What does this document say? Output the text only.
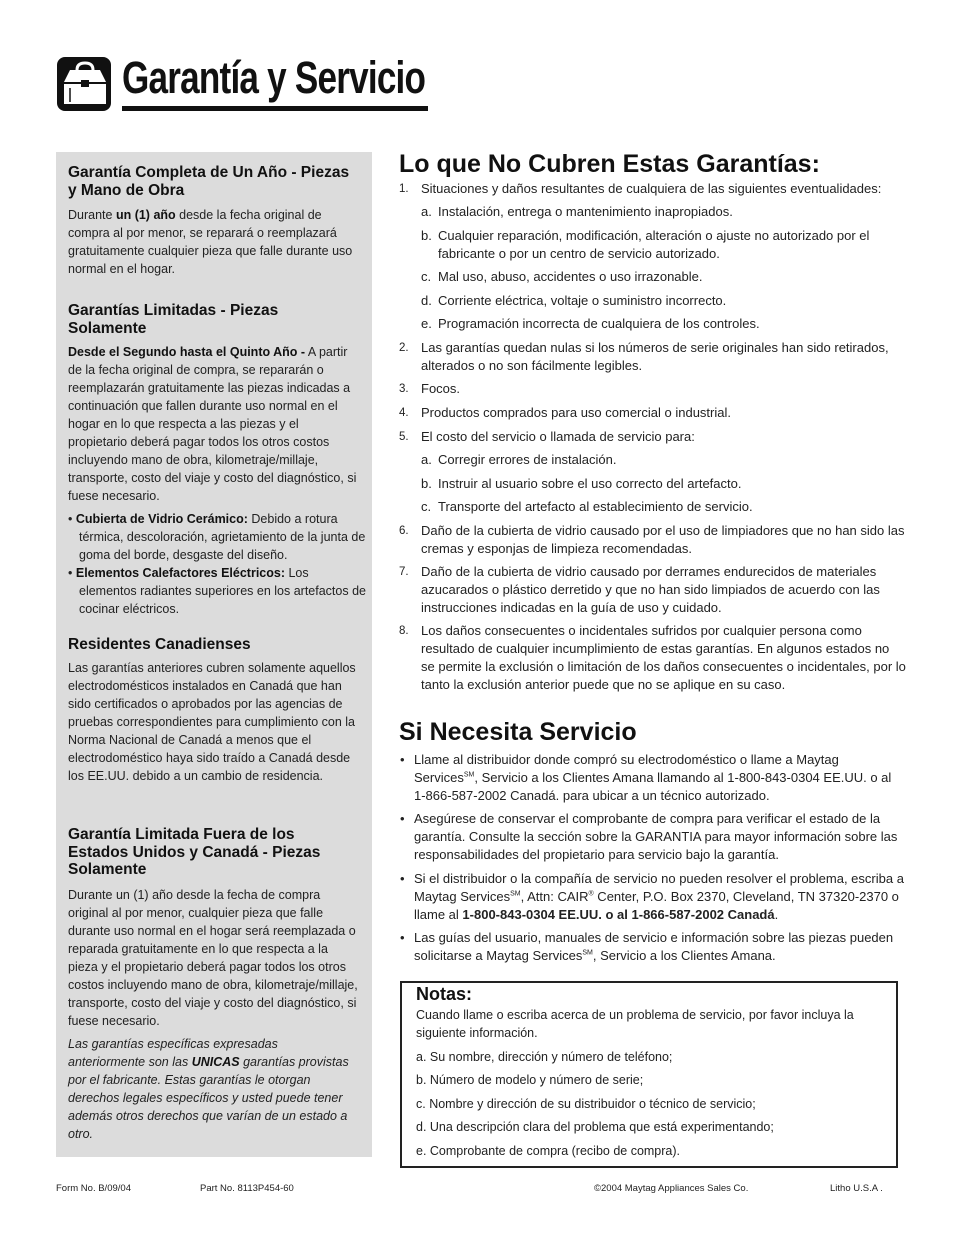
Garantía y Servicio
Garantía Completa de Un Año - Piezas y Mano de Obra
Durante un (1) año desde la fecha original de compra al por menor, se reparará o reemplazará gratuitamente cualquier pieza que falle durante uso normal en el hogar.
Garantías Limitadas - Piezas Solamente
Desde el Segundo hasta el Quinto Año - A partir de la fecha original de compra, se repararán o reemplazarán gratuitamente las piezas indicadas a continuación que fallen durante uso normal en el hogar en lo que respecta a las piezas y el propietario deberá pagar todos los otros costos incluyendo mano de obra, kilometraje/millaje, transporte, costo del viaje y costo del diagnóstico, si fuese necesario.
• Cubierta de Vidrio Cerámico: Debido a rotura térmica, descoloración, agrietamiento de la junta de goma del borde, desgaste del diseño.
• Elementos Calefactores Eléctricos: Los elementos radiantes superiores en los artefactos de cocinar eléctricos.
Residentes Canadienses
Las garantías anteriores cubren solamente aquellos electrodomésticos instalados en Canadá que han sido certificados o aprobados por las agencias de pruebas correspondientes para cumplimiento con la Norma Nacional de Canadá a menos que el electrodoméstico haya sido traído a Canadá desde los EE.UU. debido a un cambio de residencia.
Garantía Limitada Fuera de los Estados Unidos y Canadá - Piezas Solamente
Durante un (1) año desde la fecha de compra original al por menor, cualquier pieza que falle durante uso normal en el hogar será reemplazada o reparada gratuitamente en lo que respecta a la pieza y el propietario deberá pagar todos los otros costos incluyendo mano de obra, kilometraje/millaje, transporte, costo del viaje y costo del diagnóstico, si fuese necesario.
Las garantías específicas expresadas anteriormente son las UNICAS garantías provistas por el fabricante. Estas garantías le otorgan derechos legales específicos y usted puede tener además otros derechos que varían de un estado a otro.
Lo que No Cubren Estas Garantías:
1. Situaciones y daños resultantes de cualquiera de las siguientes eventualidades:
a. Instalación, entrega o mantenimiento inapropiados.
b. Cualquier reparación, modificación, alteración o ajuste no autorizado por el fabricante o por un centro de servicio autorizado.
c. Mal uso, abuso, accidentes o uso irrazonable.
d. Corriente eléctrica, voltaje o suministro incorrecto.
e. Programación incorrecta de cualquiera de los controles.
2. Las garantías quedan nulas si los números de serie originales han sido retirados, alterados o no son fácilmente legibles.
3. Focos.
4. Productos comprados para uso comercial o industrial.
5. El costo del servicio o llamada de servicio para:
a. Corregir errores de instalación.
b. Instruir al usuario sobre el uso correcto del artefacto.
c. Transporte del artefacto al establecimiento de servicio.
6. Daño de la cubierta de vidrio causado por el uso de limpiadores que no han sido las cremas y esponjas de limpieza recomendadas.
7. Daño de la cubierta de vidrio causado por derrames endurecidos de materiales azucarados o plástico derretido y que no han sido limpiados de acuerdo con las instrucciones indicadas en la guía de uso y cuidado.
8. Los daños consecuentes o incidentales sufridos por cualquier persona como resultado de cualquier incumplimiento de estas garantías. En algunos estados no se permite la exclusión o limitación de los daños consecuentes o incidentales, por lo tanto la exclusión anterior puede que no se aplique en su caso.
Si Necesita Servicio
• Llame al distribuidor donde compró su electrodoméstico o llame a Maytag Services℠, Servicio a los Clientes Amana llamando al 1-800-843-0304 EE.UU. o al 1-866-587-2002 Canadá. para ubicar a un técnico autorizado.
• Asegúrese de conservar el comprobante de compra para verificar el estado de la garantía. Consulte la sección sobre la GARANTIA para mayor información sobre las responsabilidades del propietario para servicio bajo la garantía.
• Si el distribuidor o la compañía de servicio no pueden resolver el problema, escriba a Maytag Services℠, Attn: CAIR® Center, P.O. Box 2370, Cleveland, TN 37320-2370 o llame al 1-800-843-0304 EE.UU. o al 1-866-587-2002 Canadá.
• Las guías del usuario, manuales de servicio e información sobre las piezas pueden solicitarse a Maytag Services℠, Servicio a los Clientes Amana.
Notas:
Cuando llame o escriba acerca de un problema de servicio, por favor incluya la siguiente información.
a. Su nombre, dirección y número de teléfono;
b. Número de modelo y número de serie;
c. Nombre y dirección de su distribuidor o técnico de servicio;
d. Una descripción clara del problema que está experimentando;
e. Comprobante de compra (recibo de compra).
Form No. B/09/04	Part No. 8113P454-60	©2004 Maytag Appliances Sales Co.	Litho U.S.A .
